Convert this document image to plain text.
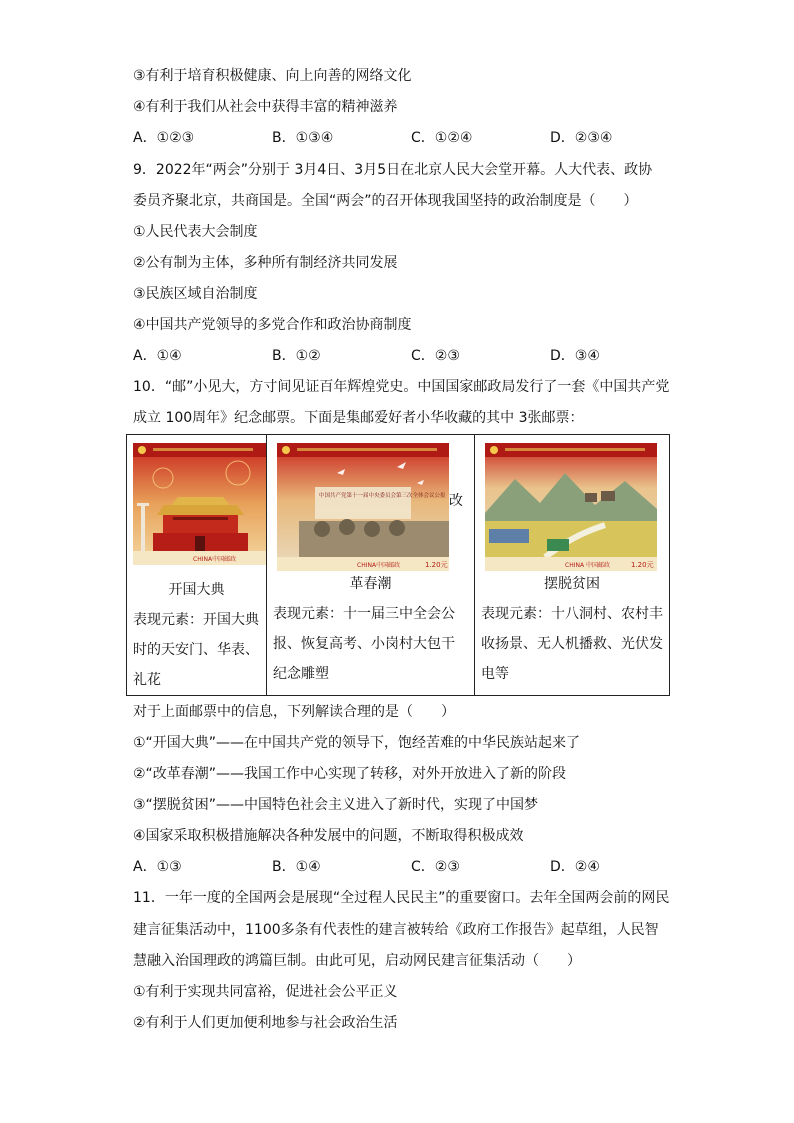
③有利于培育积极健康、向上向善的网络文化
④有利于我们从社会中获得丰富的精神滋养
A．①②③	B．①③④	C．①②④	D．②③④
9．2022年“两会”分别于 3月4日、3月5日在北京人民大会堂开幕。人大代表、政协
委员齐聚北京，共商国是。全国“两会”的召开体现我国坚持的政治制度是（　　）
①人民代表大会制度
②公有制为主体，多种所有制经济共同发展
③民族区域自治制度
④中国共产党领导的多党合作和政治协商制度
A．①④	B．①②	C．②③	D．③④
10．“邮”小见大，方寸间见证百年辉煌党史。中国国家邮政局发行了一套《中国共产党
成立 100周年》纪念邮票。下面是集邮爱好者小华收藏的其中 3张邮票：
CHINA中国邮政
开国大典
表现元素：开国大典时的天安门、华表、礼花

中国共产党第十一届中央委员会第三次全体会议公报
CHINA中国邮政	1.20元
改
革春潮
表现元素：十一届三中全会公报、恢复高考、小岗村大包干纪念雕塑

CHINA 中国邮政	1.20元
摆脱贫困
表现元素：十八洞村、农村丰收扬景、无人机播救、光伏发电等
对于上面邮票中的信息，下列解读合理的是（　　）
①“开国大典”——在中国共产党的领导下，饱经苦难的中华民族站起来了
②“改革春潮”——我国工作中心实现了转移，对外开放进入了新的阶段
③“摆脱贫困”——中国特色社会主义进入了新时代，实现了中国梦
④国家采取积极措施解决各种发展中的问题，不断取得积极成效
A．①③	B．①④	C．②③	D．②④
11．一年一度的全国两会是展现“全过程人民民主”的重要窗口。去年全国两会前的网民
建言征集活动中，1100多条有代表性的建言被转给《政府工作报告》起草组，人民智
慧融入治国理政的鸿篇巨制。由此可见，启动网民建言征集活动（　　）
①有利于实现共同富裕，促进社会公平正义
②有利于人们更加便利地参与社会政治生活
